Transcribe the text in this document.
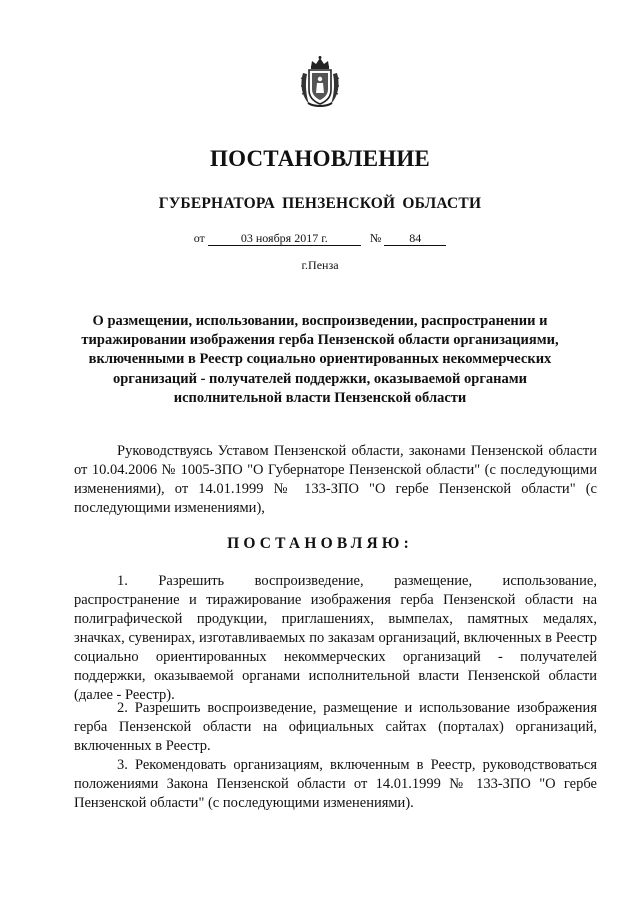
ПОСТАНОВЛЕНИЕ
ГУБЕРНАТОРА ПЕНЗЕНСКОЙ ОБЛАСТИ
от	03 ноября 2017 г.	№ 84
г.Пенза
О размещении, использовании, воспроизведении, распространении и тиражировании изображения герба Пензенской области организациями, включенными в Реестр социально ориентированных некоммерческих организаций - получателей поддержки, оказываемой органами исполнительной власти Пензенской области
Руководствуясь Уставом Пензенской области, законами Пензенской области от 10.04.2006 № 1005-ЗПО "О Губернаторе Пензенской области" (с последующими изменениями), от 14.01.1999 № 133-ЗПО "О гербе Пензенской области" (с последующими изменениями),
ПОСТАНОВЛЯЮ:
1. Разрешить воспроизведение, размещение, использование, распространение и тиражирование изображения герба Пензенской области на полиграфической продукции, приглашениях, вымпелах, памятных медалях, значках, сувенирах, изготавливаемых по заказам организаций, включенных в Реестр социально ориентированных некоммерческих организаций - получателей поддержки, оказываемой органами исполнительной власти Пензенской области (далее - Реестр).
2. Разрешить воспроизведение, размещение и использование изображения герба Пензенской области на официальных сайтах (порталах) организаций, включенных в Реестр.
3. Рекомендовать организациям, включенным в Реестр, руководствоваться положениями Закона Пензенской области от 14.01.1999 № 133-ЗПО "О гербе Пензенской области" (с последующими изменениями).
